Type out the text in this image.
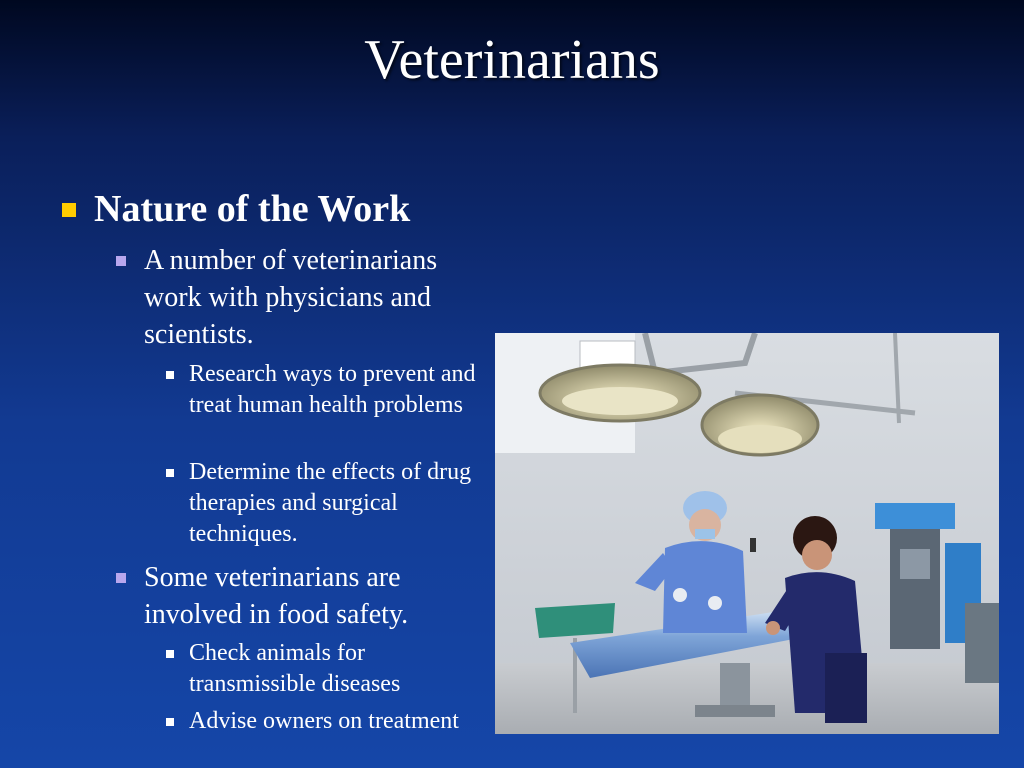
Veterinarians
Nature of the Work
A number of veterinarians work with physicians and scientists.
Research ways to prevent and treat human health problems
Determine the effects of drug therapies and surgical techniques.
Some veterinarians are involved in food safety.
Check animals for transmissible diseases
Advise owners on treatment
